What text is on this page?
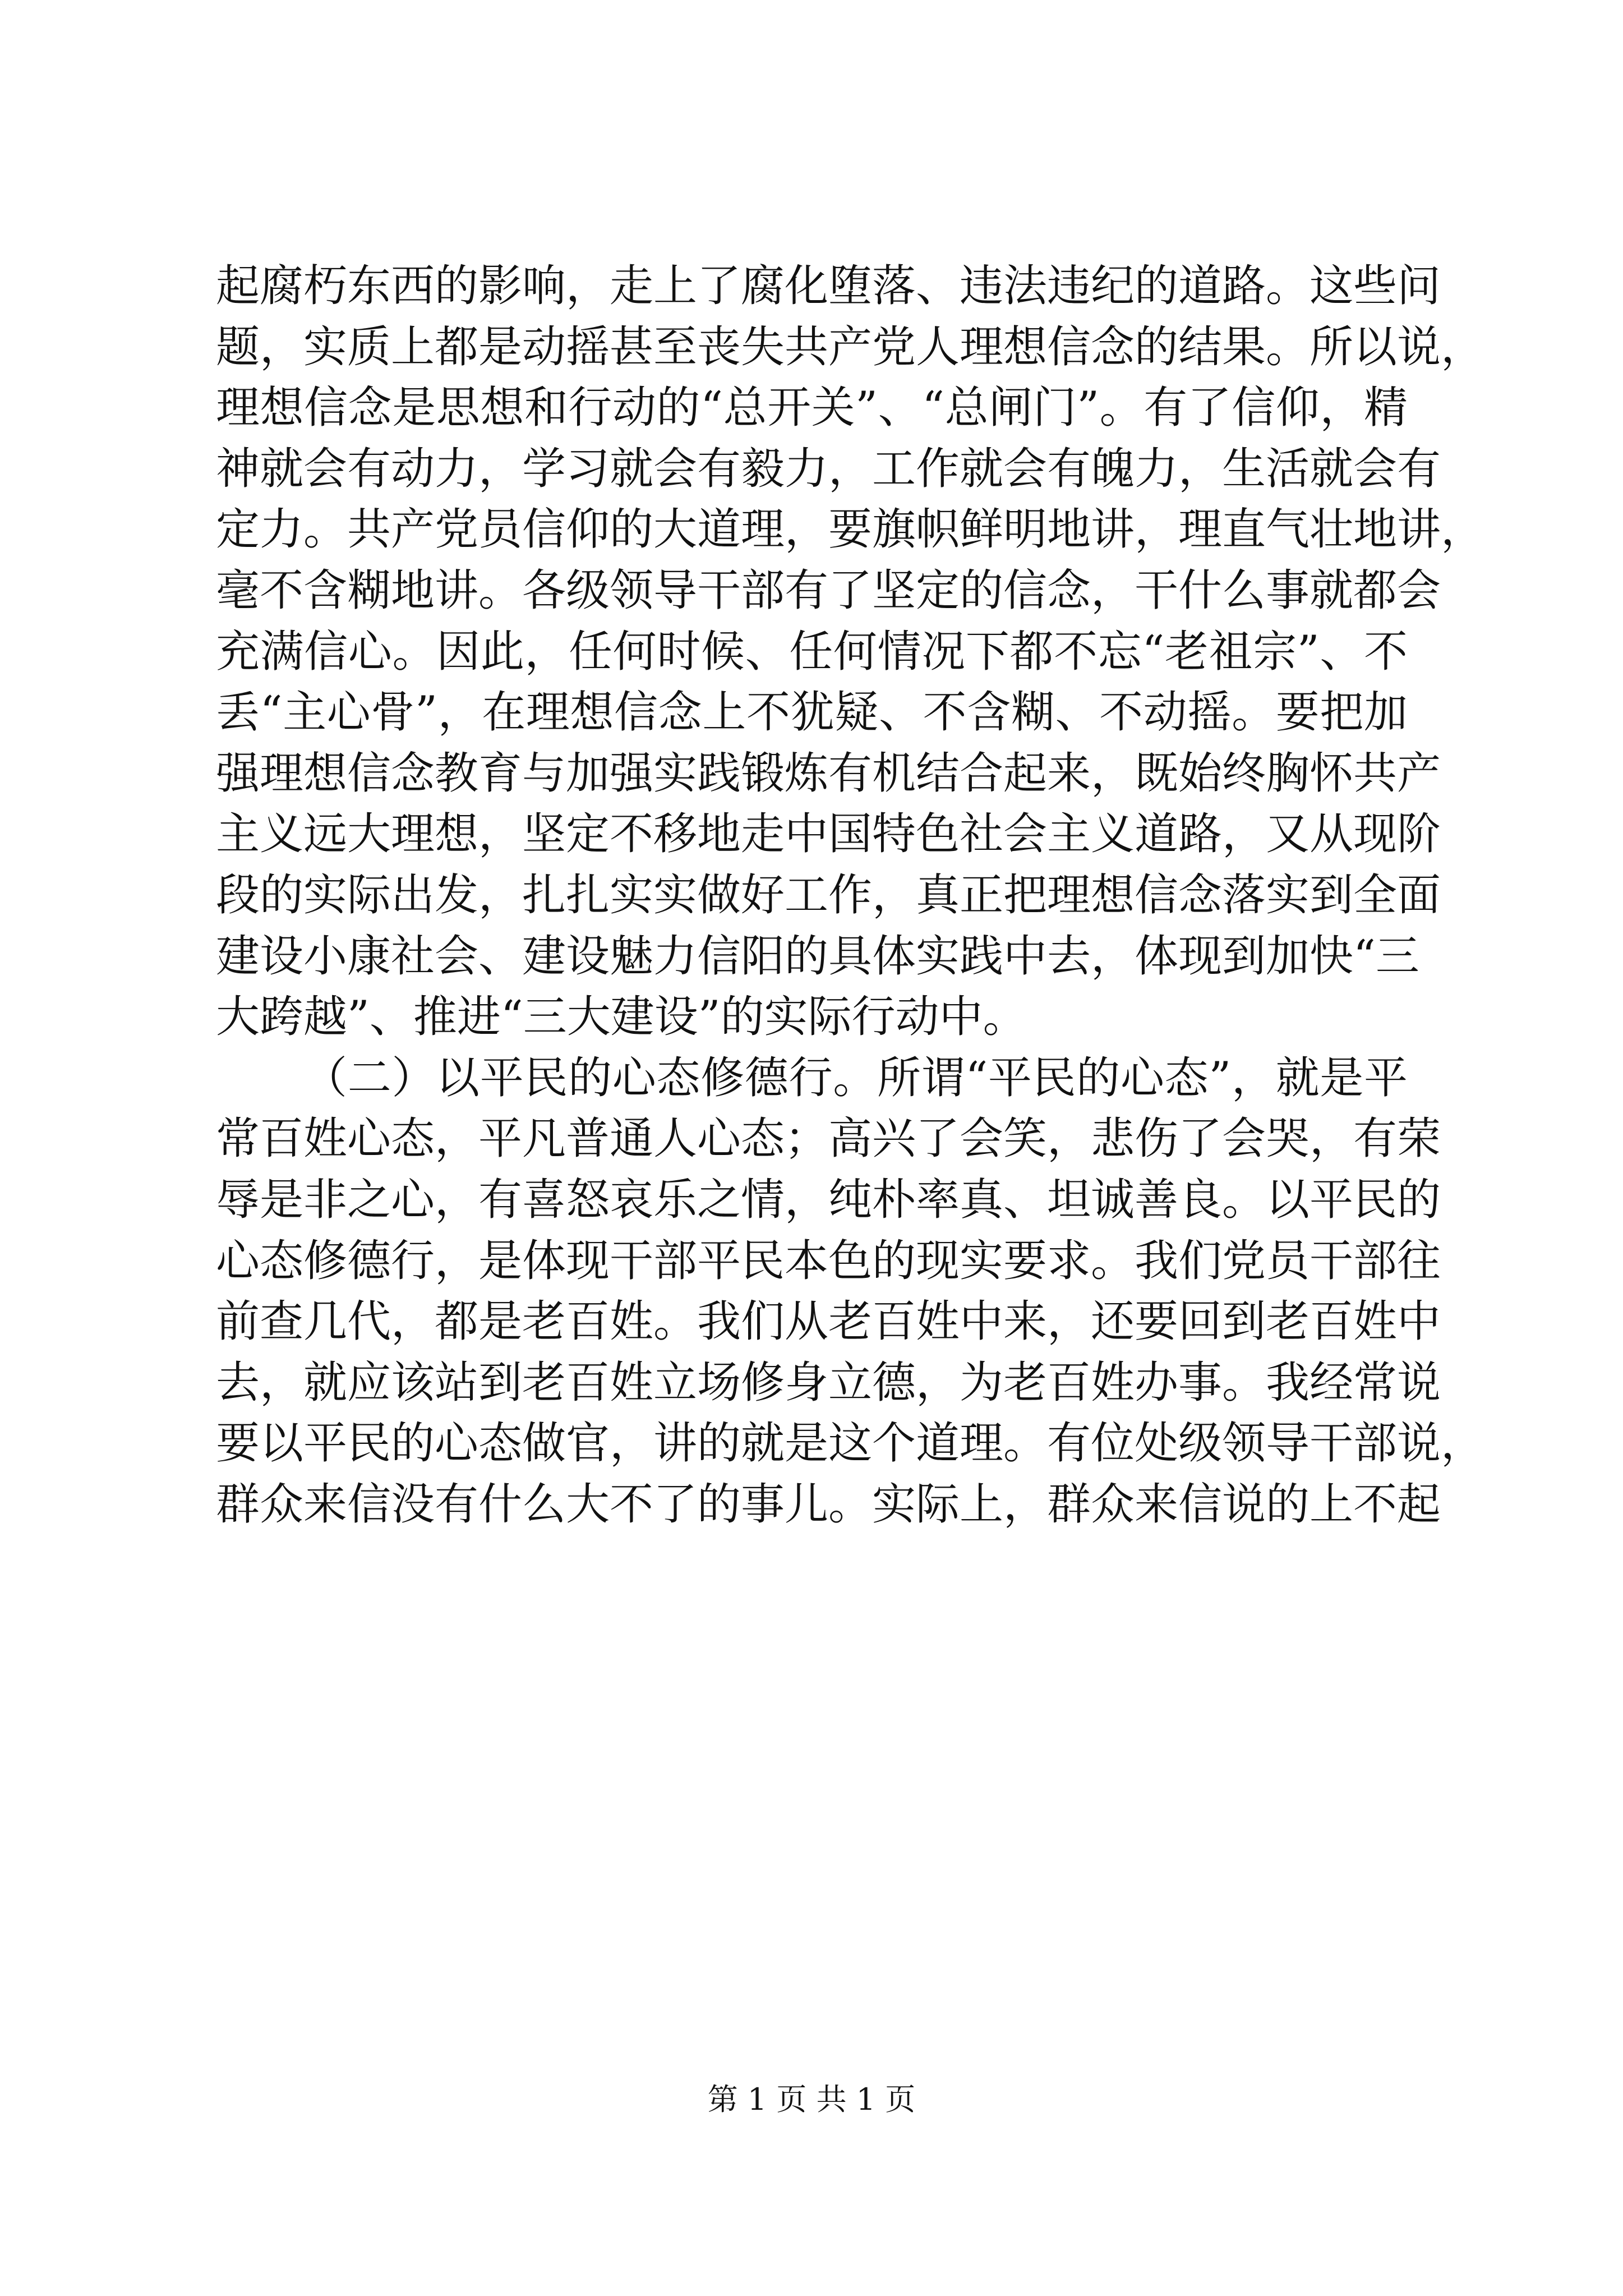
起腐朽东西的影响，走上了腐化堕落、违法违纪的道路。这些问
题，实质上都是动摇甚至丧失共产党人理想信念的结果。所以说，
理想信念是思想和行动的“总开关”、“总闸门”。有了信仰，精
神就会有动力，学习就会有毅力，工作就会有魄力，生活就会有
定力。共产党员信仰的大道理，要旗帜鲜明地讲，理直气壮地讲，
毫不含糊地讲。各级领导干部有了坚定的信念，干什么事就都会
充满信心。因此，任何时候、任何情况下都不忘“老祖宗”、不
丢“主心骨”，在理想信念上不犹疑、不含糊、不动摇。要把加
强理想信念教育与加强实践锻炼有机结合起来，既始终胸怀共产
主义远大理想，坚定不移地走中国特色社会主义道路，又从现阶
段的实际出发，扎扎实实做好工作，真正把理想信念落实到全面
建设小康社会、建设魅力信阳的具体实践中去，体现到加快“三
大跨越”、推进“三大建设”的实际行动中。
（二）以平民的心态修德行。所谓“平民的心态”，就是平
常百姓心态，平凡普通人心态；高兴了会笑，悲伤了会哭，有荣
辱是非之心，有喜怒哀乐之情，纯朴率真、坦诚善良。以平民的
心态修德行，是体现干部平民本色的现实要求。我们党员干部往
前查几代，都是老百姓。我们从老百姓中来，还要回到老百姓中
去，就应该站到老百姓立场修身立德，为老百姓办事。我经常说
要以平民的心态做官，讲的就是这个道理。有位处级领导干部说，
群众来信没有什么大不了的事儿。实际上，群众来信说的上不起
第 1 页 共 1 页
